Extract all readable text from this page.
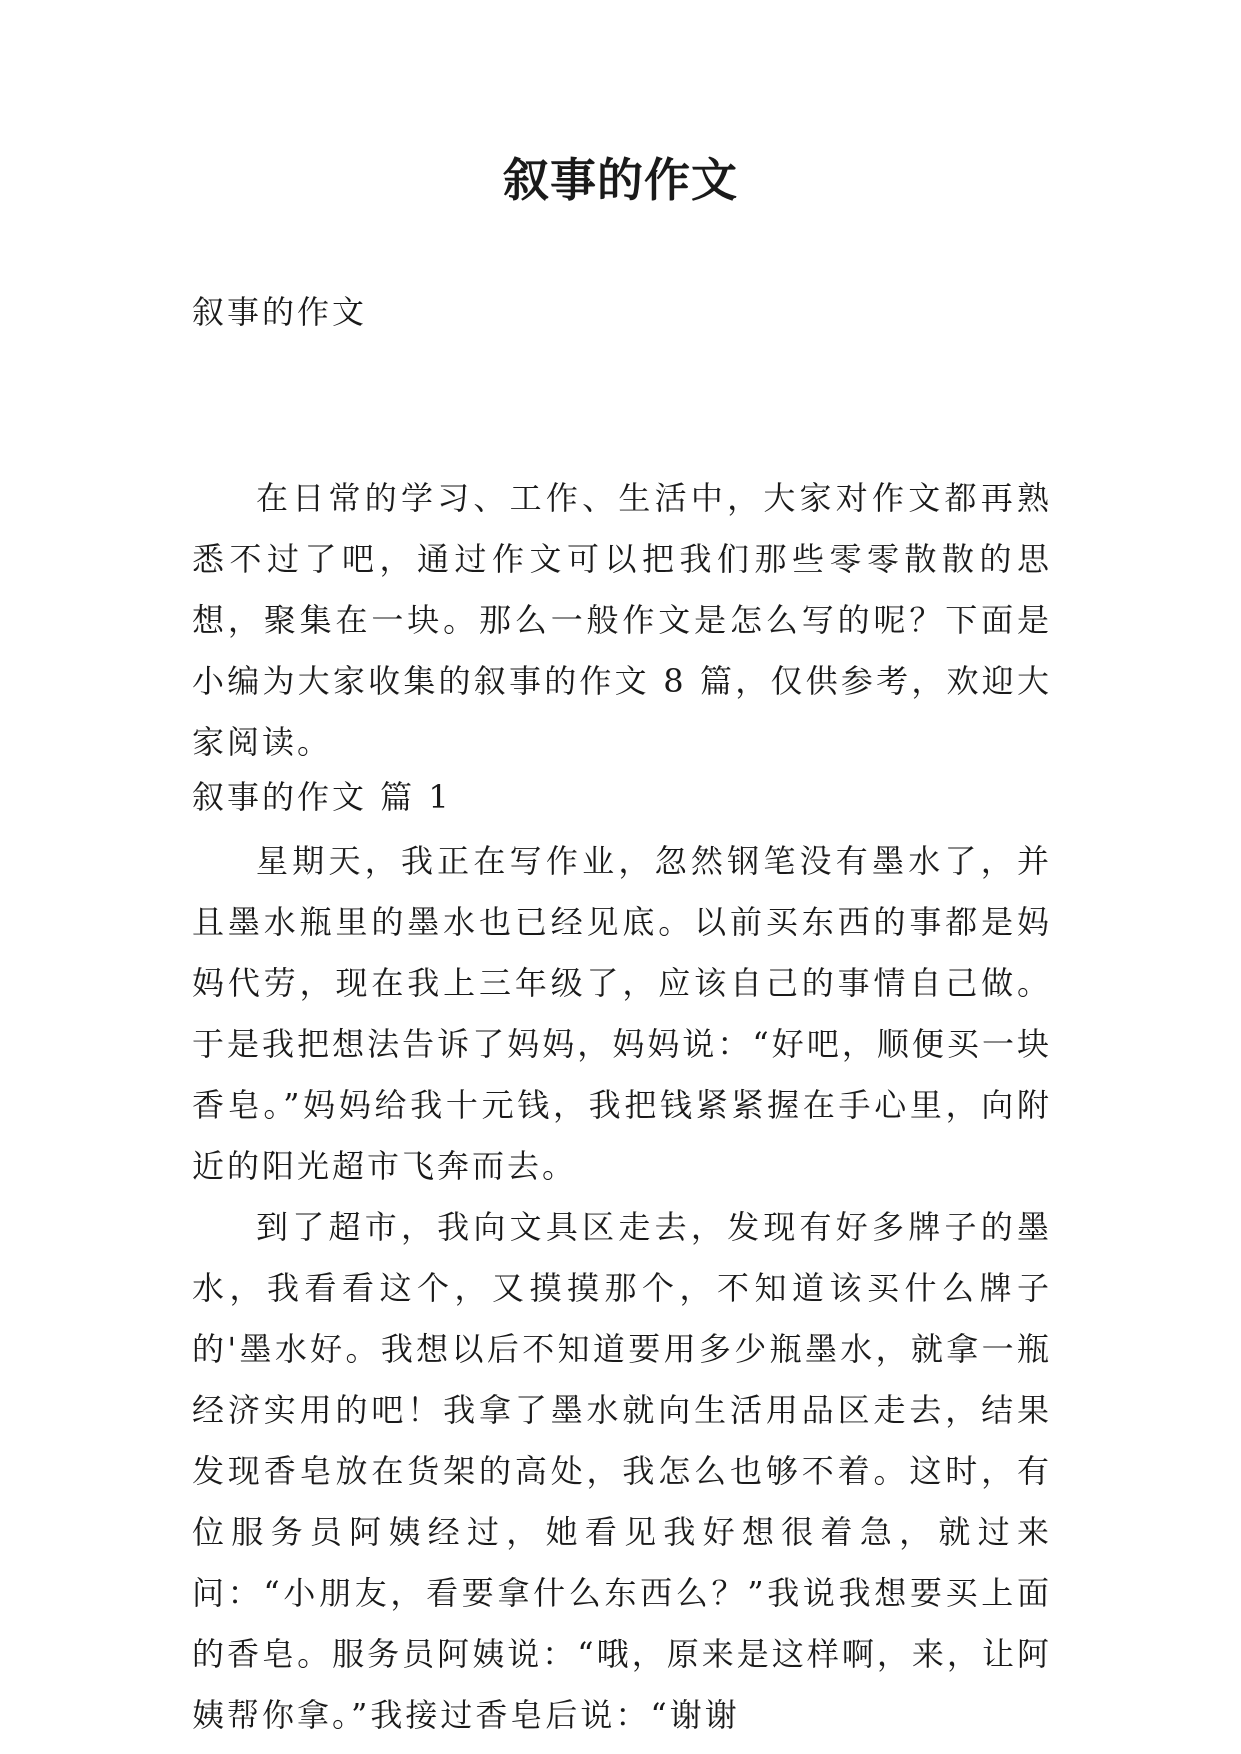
叙事的作文
叙事的作文

在日常的学习、工作、生活中，大家对作文都再熟悉不过了吧，通过作文可以把我们那些零零散散的思想，聚集在一块。那么一般作文是怎么写的呢？下面是小编为大家收集的叙事的作文 8 篇，仅供参考，欢迎大家阅读。

叙事的作文 篇 1

星期天，我正在写作业，忽然钢笔没有墨水了，并且墨水瓶里的墨水也已经见底。以前买东西的事都是妈妈代劳，现在我上三年级了，应该自己的事情自己做。于是我把想法告诉了妈妈，妈妈说：“好吧，顺便买一块香皂。”妈妈给我十元钱，我把钱紧紧握在手心里，向附近的阳光超市飞奔而去。

到了超市，我向文具区走去，发现有好多牌子的墨水，我看看这个，又摸摸那个，不知道该买什么牌子的'墨水好。我想以后不知道要用多少瓶墨水，就拿一瓶经济实用的吧！我拿了墨水就向生活用品区走去，结果发现香皂放在货架的高处，我怎么也够不着。这时，有位服务员阿姨经过，她看见我好想很着急，就过来问：“小朋友，看要拿什么东西么？”我说我想要买上面的香皂。服务员阿姨说：“哦，原来是这样啊，来，让阿姨帮你拿。”我接过香皂后说：“谢谢
